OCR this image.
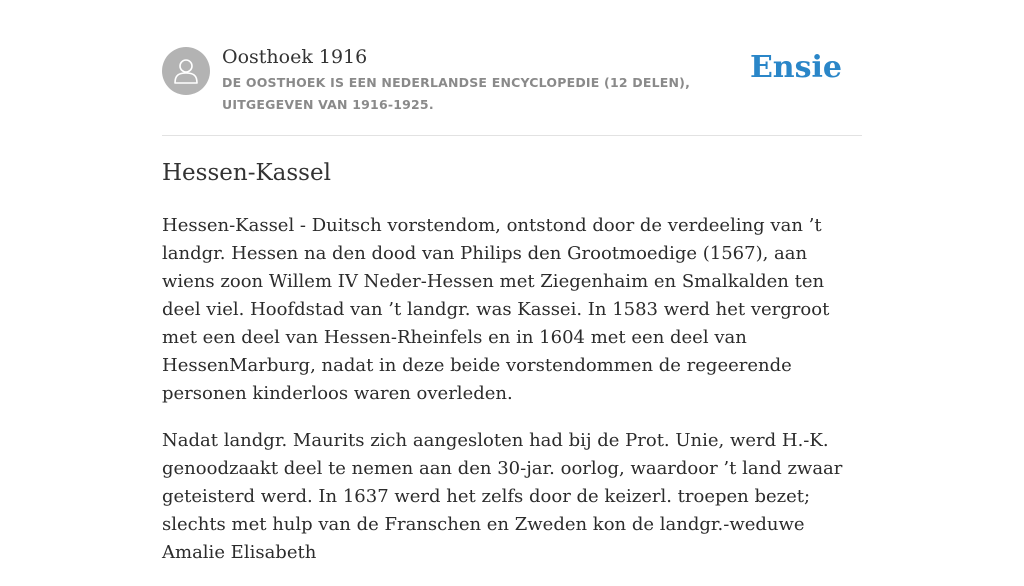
Oosthoek 1916
DE OOSTHOEK IS EEN NEDERLANDSE ENCYCLOPEDIE (12 DELEN), UITGEGEVEN VAN 1916-1925.
Ensie
Hessen-Kassel

Hessen-Kassel - Duitsch vorstendom, ontstond door de verdeeling van ’t landgr. Hessen na den dood van Philips den Grootmoedige (1567), aan wiens zoon Willem IV Neder-Hessen met Ziegenhaim en Smalkalden ten deel viel. Hoofdstad van ’t landgr. was Kassei. In 1583 werd het vergroot met een deel van Hessen-Rheinfels en in 1604 met een deel van HessenMarburg, nadat in deze beide vorstendommen de regeerende personen kinderloos waren overleden.

Nadat landgr. Maurits zich aangesloten had bij de Prot. Unie, werd H.-K. genoodzaakt deel te nemen aan den 30-jar. oorlog, waardoor ’t land zwaar geteisterd werd. In 1637 werd het zelfs door de keizerl. troepen bezet; slechts met hulp van de Franschen en Zweden kon de landgr.-weduwe Amalie Elisabeth
